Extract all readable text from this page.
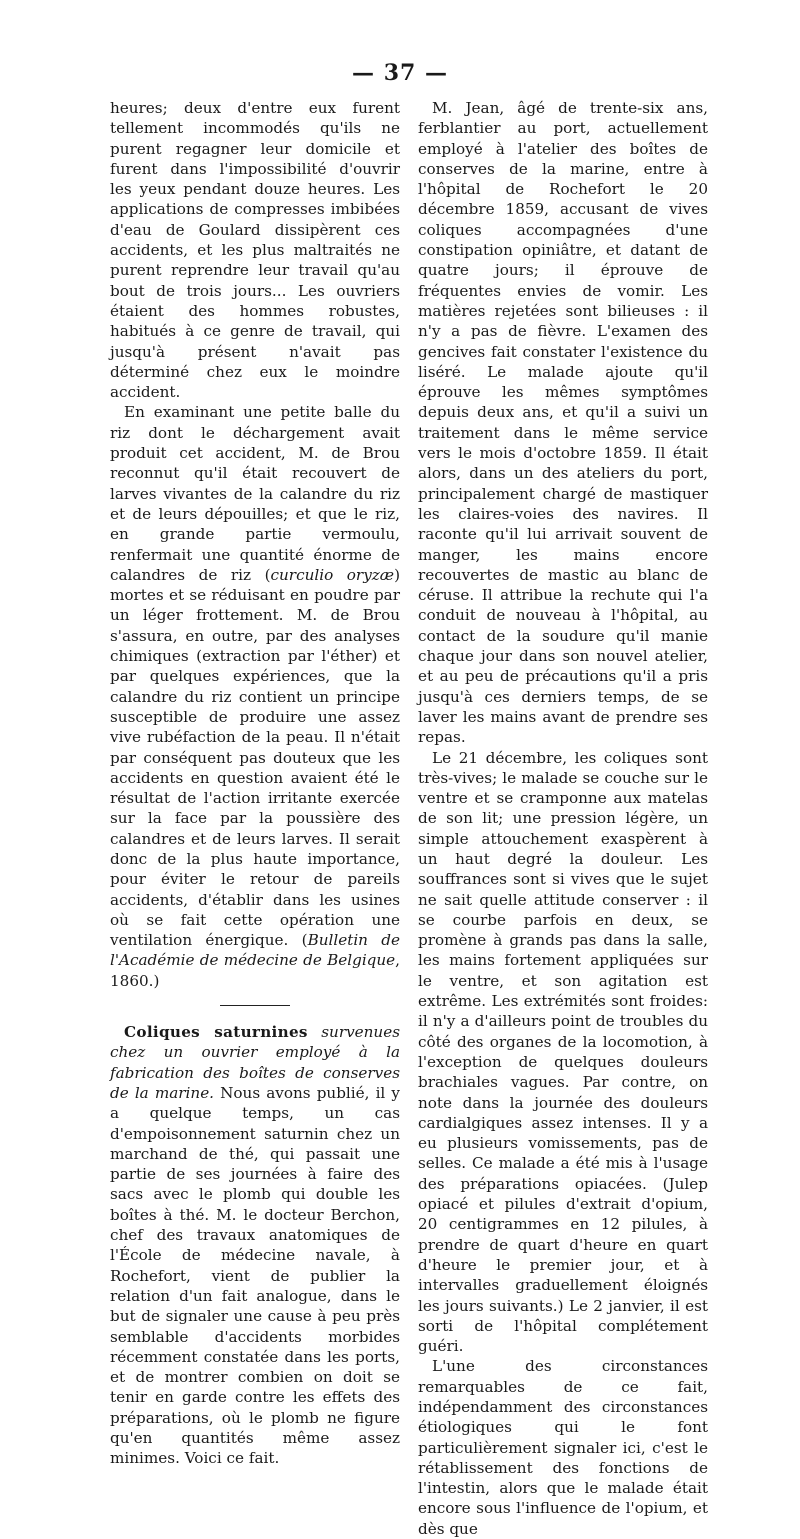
— 37 —

heures; deux d'entre eux furent tellement incommodés qu'ils ne purent regagner leur domicile et furent dans l'impossibilité d'ouvrir les yeux pendant douze heures. Les applications de compresses imbibées d'eau de Goulard dissipèrent ces accidents, et les plus maltraités ne purent reprendre leur travail qu'au bout de trois jours... Les ouvriers étaient des hommes robustes, habitués à ce genre de travail, qui jusqu'à présent n'avait pas déterminé chez eux le moindre accident.

En examinant une petite balle du riz dont le déchargement avait produit cet accident, M. de Brou reconnut qu'il était recouvert de larves vivantes de la calandre du riz et de leurs dépouilles; et que le riz, en grande partie vermoulu, renfermait une quantité énorme de calandres de riz (curculio oryzæ) mortes et se réduisant en poudre par un léger frottement. M. de Brou s'assura, en outre, par des analyses chimiques (extraction par l'éther) et par quelques expériences, que la calandre du riz contient un principe susceptible de produire une assez vive rubéfaction de la peau. Il n'était par conséquent pas douteux que les accidents en question avaient été le résultat de l'action irritante exercée sur la face par la poussière des calandres et de leurs larves. Il serait donc de la plus haute importance, pour éviter le retour de pareils accidents, d'établir dans les usines où se fait cette opération une ventilation énergique. (Bulletin de l'Académie de médecine de Belgique, 1860.)

Coliques saturnines survenues chez un ouvrier employé à la fabrication des boîtes de conserves de la marine. Nous avons publié, il y a quelque temps, un cas d'empoisonnement saturnin chez un marchand de thé, qui passait une partie de ses journées à faire des sacs avec le plomb qui double les boîtes à thé. M. le docteur Berchon, chef des travaux anatomiques de l'École de médecine navale, à Rochefort, vient de publier la relation d'un fait analogue, dans le but de signaler une cause à peu près semblable d'accidents morbides récemment constatée dans les ports, et de montrer combien on doit se tenir en garde contre les effets des préparations, où le plomb ne figure qu'en quantités même assez minimes. Voici ce fait.

M. Jean, âgé de trente-six ans, ferblantier au port, actuellement employé à l'atelier des boîtes de conserves de la marine, entre à l'hôpital de Rochefort le 20 décembre 1859, accusant de vives coliques accompagnées d'une constipation opiniâtre, et datant de quatre jours; il éprouve de fréquentes envies de vomir. Les matières rejetées sont bilieuses : il n'y a pas de fièvre. L'examen des gencives fait constater l'existence du liséré. Le malade ajoute qu'il éprouve les mêmes symptômes depuis deux ans, et qu'il a suivi un traitement dans le même service vers le mois d'octobre 1859. Il était alors, dans un des ateliers du port, principalement chargé de mastiquer les claires-voies des navires. Il raconte qu'il lui arrivait souvent de manger, les mains encore recouvertes de mastic au blanc de céruse. Il attribue la rechute qui l'a conduit de nouveau à l'hôpital, au contact de la soudure qu'il manie chaque jour dans son nouvel atelier, et au peu de précautions qu'il a pris jusqu'à ces derniers temps, de se laver les mains avant de prendre ses repas.

Le 21 décembre, les coliques sont très-vives; le malade se couche sur le ventre et se cramponne aux matelas de son lit; une pression légère, un simple attouchement exaspèrent à un haut degré la douleur. Les souffrances sont si vives que le sujet ne sait quelle attitude conserver : il se courbe parfois en deux, se promène à grands pas dans la salle, les mains fortement appliquées sur le ventre, et son agitation est extrême. Les extrémités sont froides: il n'y a d'ailleurs point de troubles du côté des organes de la locomotion, à l'exception de quelques douleurs brachiales vagues. Par contre, on note dans la journée des douleurs cardialgiques assez intenses. Il y a eu plusieurs vomissements, pas de selles. Ce malade a été mis à l'usage des préparations opiacées. (Julep opiacé et pilules d'extrait d'opium, 20 centigrammes en 12 pilules, à prendre de quart d'heure en quart d'heure le premier jour, et à intervalles graduellement éloignés les jours suivants.) Le 2 janvier, il est sorti de l'hôpital complétement guéri.

L'une des circonstances remarquables de ce fait, indépendamment des circonstances étiologiques qui le font particulièrement signaler ici, c'est le rétablissement des fonctions de l'intestin, alors que le malade était encore sous l'influence de l'opium, et dès que
